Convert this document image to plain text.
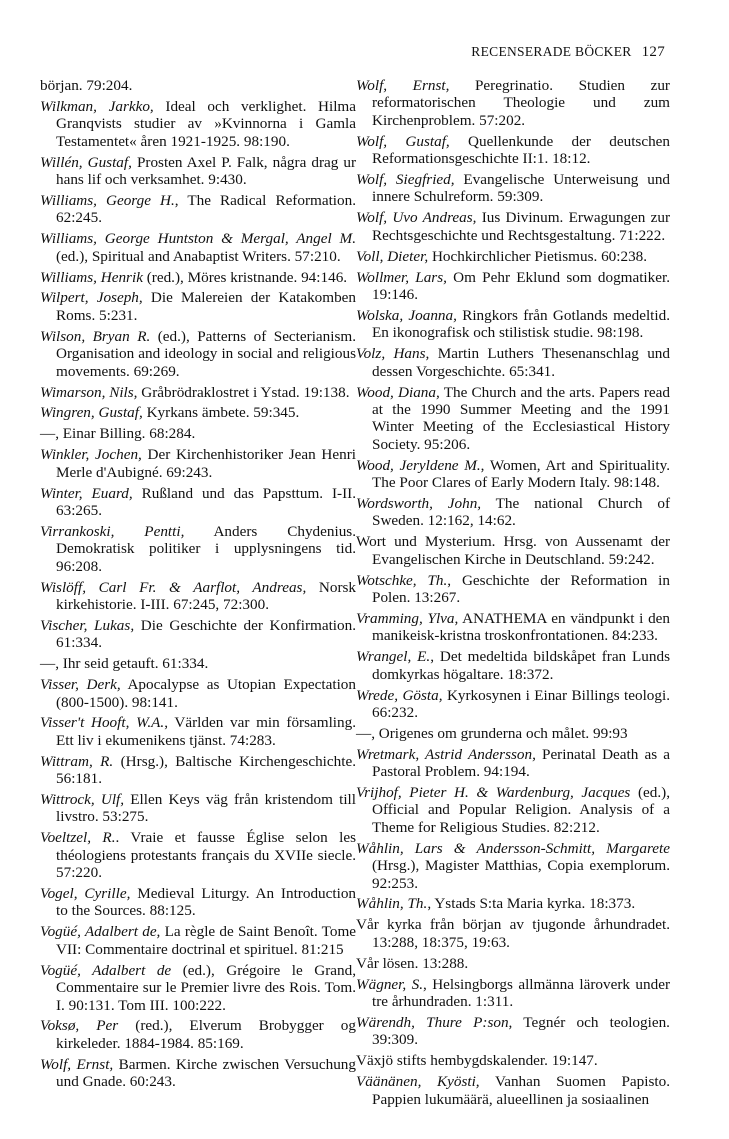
RECENSERADE BÖCKER 127

början. 79:204.

Wilkman, Jarkko, Ideal och verklighet. Hilma Granqvists studier av »Kvinnorna i Gamla Testamentet« åren 1921-1925. 98:190.

Willén, Gustaf, Prosten Axel P. Falk, några drag ur hans lif och verksamhet. 9:430.

Williams, George H., The Radical Reformation. 62:245.

Williams, George Huntston & Mergal, Angel M. (ed.), Spiritual and Anabaptist Writers. 57:210.

Williams, Henrik (red.), Möres kristnande. 94:146.

Wilpert, Joseph, Die Malereien der Katakomben Roms. 5:231.

Wilson, Bryan R. (ed.), Patterns of Secterianism. Organisation and ideology in social and religious movements. 69:269.

Wimarson, Nils, Gråbrödraklostret i Ystad. 19:138.

Wingren, Gustaf, Kyrkans ämbete. 59:345.

—, Einar Billing. 68:284.

Winkler, Jochen, Der Kirchenhistoriker Jean Henri Merle d'Aubigné. 69:243.

Winter, Euard, Rußland und das Papsttum. I-II. 63:265.

Virrankoski, Pentti, Anders Chydenius. Demokratisk politiker i upplysningens tid. 96:208.

Wislöff, Carl Fr. & Aarflot, Andreas, Norsk kirkehistorie. I-III. 67:245, 72:300.

Vischer, Lukas, Die Geschichte der Konfirmation. 61:334.

—, Ihr seid getauft. 61:334.

Visser, Derk, Apocalypse as Utopian Expectation (800-1500). 98:141.

Visser't Hooft, W.A., Världen var min församling. Ett liv i ekumenikens tjänst. 74:283.

Wittram, R. (Hrsg.), Baltische Kirchengeschichte. 56:181.

Wittrock, Ulf, Ellen Keys väg från kristendom till livstro. 53:275.

Voeltzel, R.. Vraie et fausse Église selon les théologiens protestants français du XVIIe siecle. 57:220.

Vogel, Cyrille, Medieval Liturgy. An Introduction to the Sources. 88:125.

Vogüé, Adalbert de, La règle de Saint Benoît. Tome VII: Commentaire doctrinal et spirituel. 81:215

Vogüé, Adalbert de (ed.), Grégoire le Grand, Commentaire sur le Premier livre des Rois. Tom. I. 90:131. Tom III. 100:222.

Voksø, Per (red.), Elverum Brobygger og kirkeleder. 1884-1984. 85:169.

Wolf, Ernst, Barmen. Kirche zwischen Versuchung und Gnade. 60:243.

Wolf, Ernst, Peregrinatio. Studien zur reformatorischen Theologie und zum Kirchenproblem. 57:202.

Wolf, Gustaf, Quellenkunde der deutschen Reformationsgeschichte II:1. 18:12.

Wolf, Siegfried, Evangelische Unterweisung und innere Schulreform. 59:309.

Wolf, Uvo Andreas, Ius Divinum. Erwagungen zur Rechtsgeschichte und Rechtsgestaltung. 71:222.

Voll, Dieter, Hochkirchlicher Pietismus. 60:238.

Wollmer, Lars, Om Pehr Eklund som dogmatiker. 19:146.

Wolska, Joanna, Ringkors från Gotlands medeltid. En ikonografisk och stilistisk studie. 98:198.

Volz, Hans, Martin Luthers Thesenanschlag und dessen Vorgeschichte. 65:341.

Wood, Diana, The Church and the arts. Papers read at the 1990 Summer Meeting and the 1991 Winter Meeting of the Ecclesiastical History Society. 95:206.

Wood, Jeryldene M., Women, Art and Spirituality. The Poor Clares of Early Modern Italy. 98:148.

Wordsworth, John, The national Church of Sweden. 12:162, 14:62.

Wort und Mysterium. Hrsg. von Aussenamt der Evangelischen Kirche in Deutschland. 59:242.

Wotschke, Th., Geschichte der Reformation in Polen. 13:267.

Vramming, Ylva, ANATHEMA en vändpunkt i den manikeisk-kristna troskonfrontationen. 84:233.

Wrangel, E., Det medeltida bildskåpet fran Lunds domkyrkas högaltare. 18:372.

Wrede, Gösta, Kyrkosynen i Einar Billings teologi. 66:232.

—, Origenes om grunderna och målet. 99:93

Wretmark, Astrid Andersson, Perinatal Death as a Pastoral Problem. 94:194.

Vrijhof, Pieter H. & Wardenburg, Jacques (ed.), Official and Popular Religion. Analysis of a Theme for Religious Studies. 82:212.

Wåhlin, Lars & Andersson-Schmitt, Margarete (Hrsg.), Magister Matthias, Copia exemplorum. 92:253.

Wåhlin, Th., Ystads S:ta Maria kyrka. 18:373.

Vår kyrka från början av tjugonde århundradet. 13:288, 18:375, 19:63.

Vår lösen. 13:288.

Wägner, S., Helsingborgs allmänna läroverk under tre århundraden. 1:311.

Wärendh, Thure P:son, Tegnér och teologien. 39:309.

Växjö stifts hembygdskalender. 19:147.

Väänänen, Kyösti, Vanhan Suomen Papisto. Pappien lukumäärä, alueellinen ja sosiaalinen
